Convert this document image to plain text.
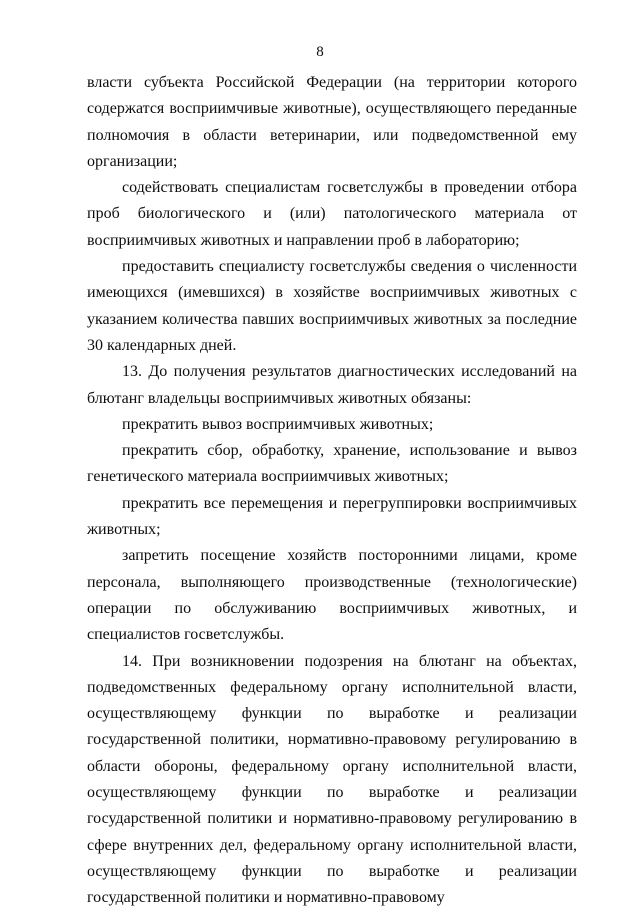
8

власти субъекта Российской Федерации (на территории которого содержатся восприимчивые животные), осуществляющего переданные полномочия в области ветеринарии, или подведомственной ему организации;

содействовать специалистам госветслужбы в проведении отбора проб биологического и (или) патологического материала от восприимчивых животных и направлении проб в лабораторию;

предоставить специалисту госветслужбы сведения о численности имеющихся (имевшихся) в хозяйстве восприимчивых животных с указанием количества павших восприимчивых животных за последние 30 календарных дней.

13. До получения результатов диагностических исследований на блютанг владельцы восприимчивых животных обязаны:

прекратить вывоз восприимчивых животных;

прекратить сбор, обработку, хранение, использование и вывоз генетического материала восприимчивых животных;

прекратить все перемещения и перегруппировки восприимчивых животных;

запретить посещение хозяйств посторонними лицами, кроме персонала, выполняющего производственные (технологические) операции по обслуживанию восприимчивых животных, и специалистов госветслужбы.

14. При возникновении подозрения на блютанг на объектах, подведомственных федеральному органу исполнительной власти, осуществляющему функции по выработке и реализации государственной политики, нормативно-правовому регулированию в области обороны, федеральному органу исполнительной власти, осуществляющему функции по выработке и реализации государственной политики и нормативно-правовому регулированию в сфере внутренних дел, федеральному органу исполнительной власти, осуществляющему функции по выработке и реализации государственной политики и нормативно-правовому
